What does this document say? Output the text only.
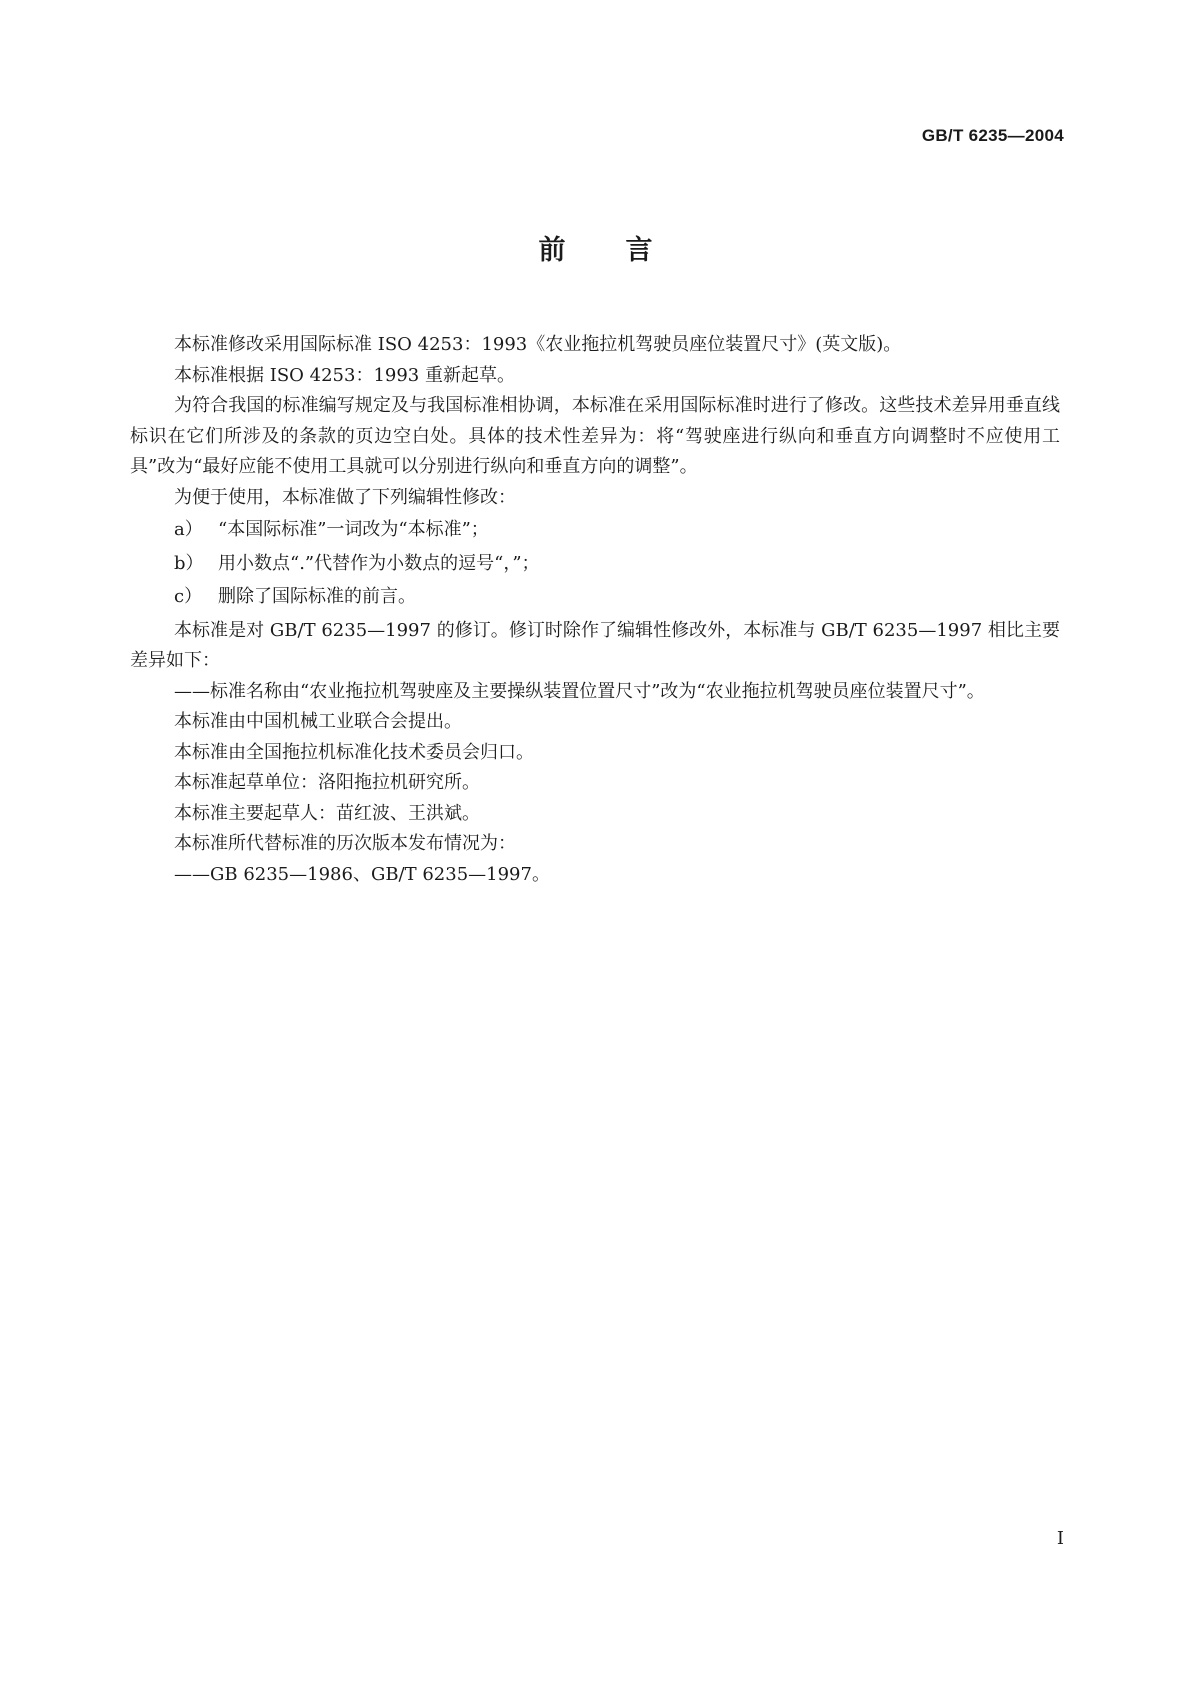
GB/T 6235—2004
前言

本标准修改采用国际标准 ISO 4253：1993《农业拖拉机驾驶员座位装置尺寸》(英文版)。

本标准根据 ISO 4253：1993 重新起草。

为符合我国的标准编写规定及与我国标准相协调，本标准在采用国际标准时进行了修改。这些技术差异用垂直线标识在它们所涉及的条款的页边空白处。具体的技术性差异为：将“驾驶座进行纵向和垂直方向调整时不应使用工具”改为“最好应能不使用工具就可以分别进行纵向和垂直方向的调整”。

为便于使用，本标准做了下列编辑性修改：

a） “本国际标准”一词改为“本标准”；

b） 用小数点“.”代替作为小数点的逗号“，”；

c） 删除了国际标准的前言。

本标准是对 GB/T 6235—1997 的修订。修订时除作了编辑性修改外，本标准与 GB/T 6235—1997 相比主要差异如下：

——标准名称由“农业拖拉机驾驶座及主要操纵装置位置尺寸”改为“农业拖拉机驾驶员座位装置尺寸”。

本标准由中国机械工业联合会提出。

本标准由全国拖拉机标准化技术委员会归口。

本标准起草单位：洛阳拖拉机研究所。

本标准主要起草人：苗红波、王洪斌。

本标准所代替标准的历次版本发布情况为：

——GB 6235—1986、GB/T 6235—1997。

I
